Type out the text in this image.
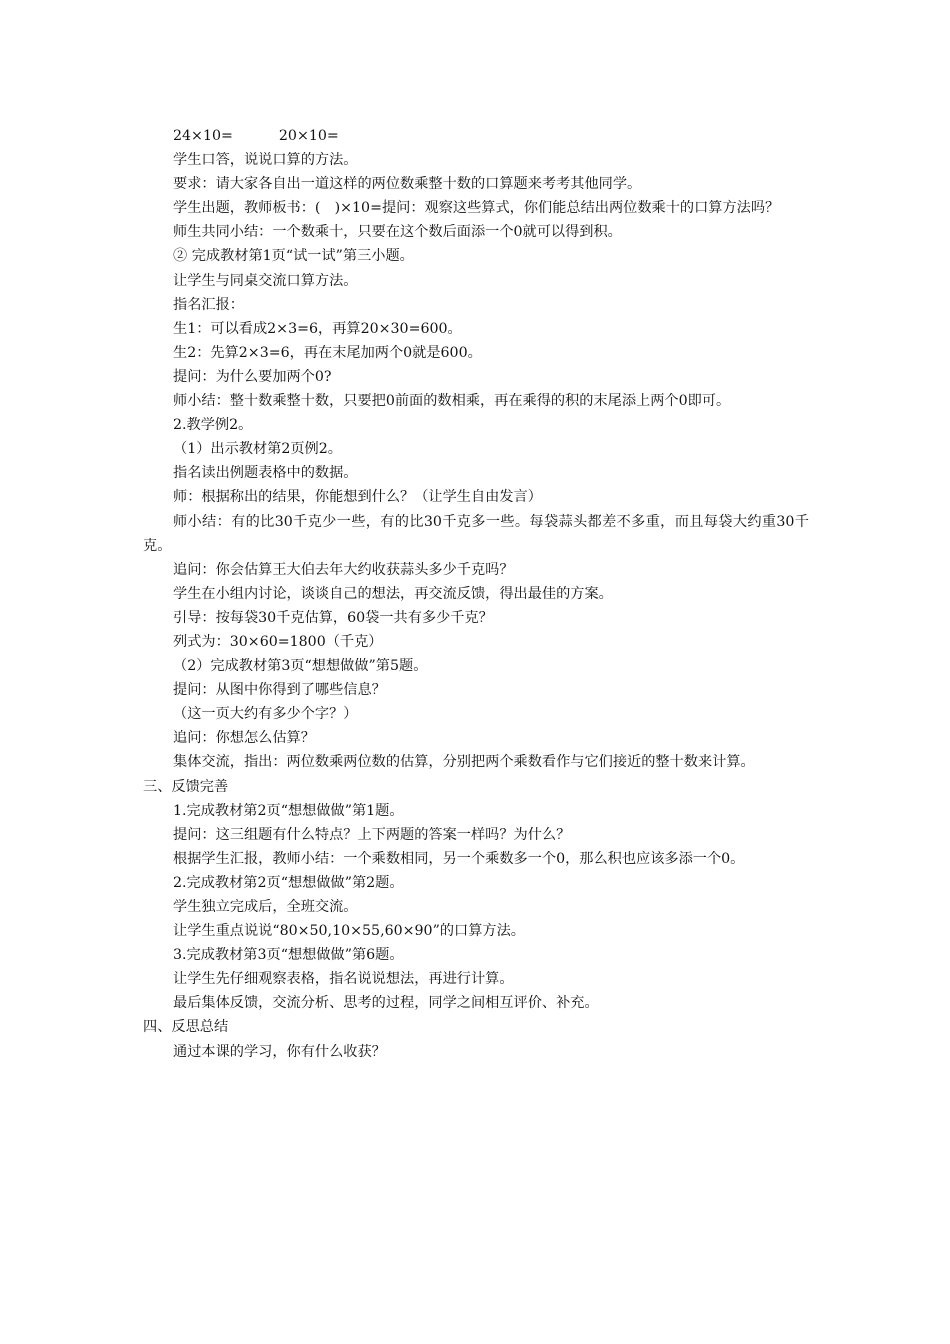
24×10=	20×10=
学生口答，说说口算的方法。
要求：请大家各自出一道这样的两位数乘整十数的口算题来考考其他同学。
学生出题，教师板书：(　)×10=提问：观察这些算式，你们能总结出两位数乘十的口算方法吗？
师生共同小结：一个数乘十，只要在这个数后面添一个0就可以得到积。
② 完成教材第1页“试一试”第三小题。
让学生与同桌交流口算方法。
指名汇报：
生1：可以看成2×3=6，再算20×30=600。
生2：先算2×3=6，再在末尾加两个0就是600。
提问：为什么要加两个0?
师小结：整十数乘整十数，只要把0前面的数相乘，再在乘得的积的末尾添上两个0即可。
2.教学例2。
（1）出示教材第2页例2。
指名读出例题表格中的数据。
师：根据称出的结果，你能想到什么？（让学生自由发言）
师小结：有的比30千克少一些，有的比30千克多一些。每袋蒜头都差不多重，而且每袋大约重30千克。
追问：你会估算王大伯去年大约收获蒜头多少千克吗？
学生在小组内讨论，谈谈自己的想法，再交流反馈，得出最佳的方案。
引导：按每袋30千克估算，60袋一共有多少千克？
列式为：30×60=1800（千克）
（2）完成教材第3页“想想做做”第5题。
提问：从图中你得到了哪些信息？
（这一页大约有多少个字？）
追问：你想怎么估算？
集体交流，指出：两位数乘两位数的估算，分别把两个乘数看作与它们接近的整十数来计算。
三、反馈完善
1.完成教材第2页“想想做做”第1题。
提问：这三组题有什么特点？上下两题的答案一样吗？为什么？
根据学生汇报，教师小结：一个乘数相同，另一个乘数多一个0，那么积也应该多添一个0。
2.完成教材第2页“想想做做”第2题。
学生独立完成后，全班交流。
让学生重点说说“80×50,10×55,60×90”的口算方法。
3.完成教材第3页“想想做做”第6题。
让学生先仔细观察表格，指名说说想法，再进行计算。
最后集体反馈，交流分析、思考的过程，同学之间相互评价、补充。
四、反思总结
通过本课的学习，你有什么收获？
